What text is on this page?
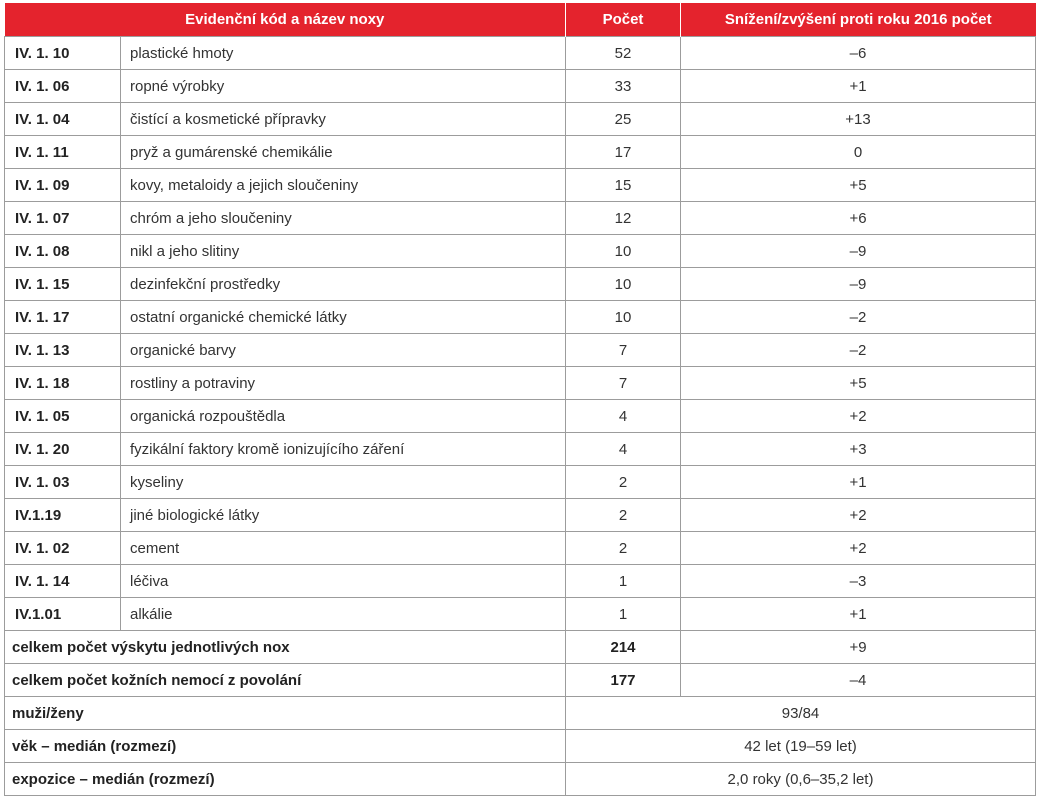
Evidenční kód a název noxy		Počet	Snížení/zvýšení proti roku 2016 počet
IV. 1. 10	plastické hmoty	52	–6
IV. 1. 06	ropné výrobky	33	+1
IV. 1. 04	čistící a kosmetické přípravky	25	+13
IV. 1. 11	pryž a gumárenské chemikálie	17	0
IV. 1. 09	kovy, metaloidy a jejich sloučeniny	15	+5
IV. 1. 07	chróm a jeho sloučeniny	12	+6
IV. 1. 08	nikl a jeho slitiny	10	–9
IV. 1. 15	dezinfekční prostředky	10	–9
IV. 1. 17	ostatní organické chemické látky	10	–2
IV. 1. 13	organické barvy	7	–2
IV. 1. 18	rostliny a potraviny	7	+5
IV. 1. 05	organická rozpouštědla	4	+2
IV. 1. 20	fyzikální faktory kromě ionizujícího záření	4	+3
IV. 1. 03	kyseliny	2	+1
IV.1.19	jiné biologické látky	2	+2
IV. 1. 02	cement	2	+2
IV. 1. 14	léčiva	1	–3
IV.1.01	alkálie	1	+1
celkem počet výskytu jednotlivých nox		214	+9
celkem počet kožních nemocí z povolání		177	–4
muži/ženy		93/84	
věk – medián (rozmezí)		42 let (19–59 let)	
expozice – medián (rozmezí)		2,0 roky (0,6–35,2 let)	
